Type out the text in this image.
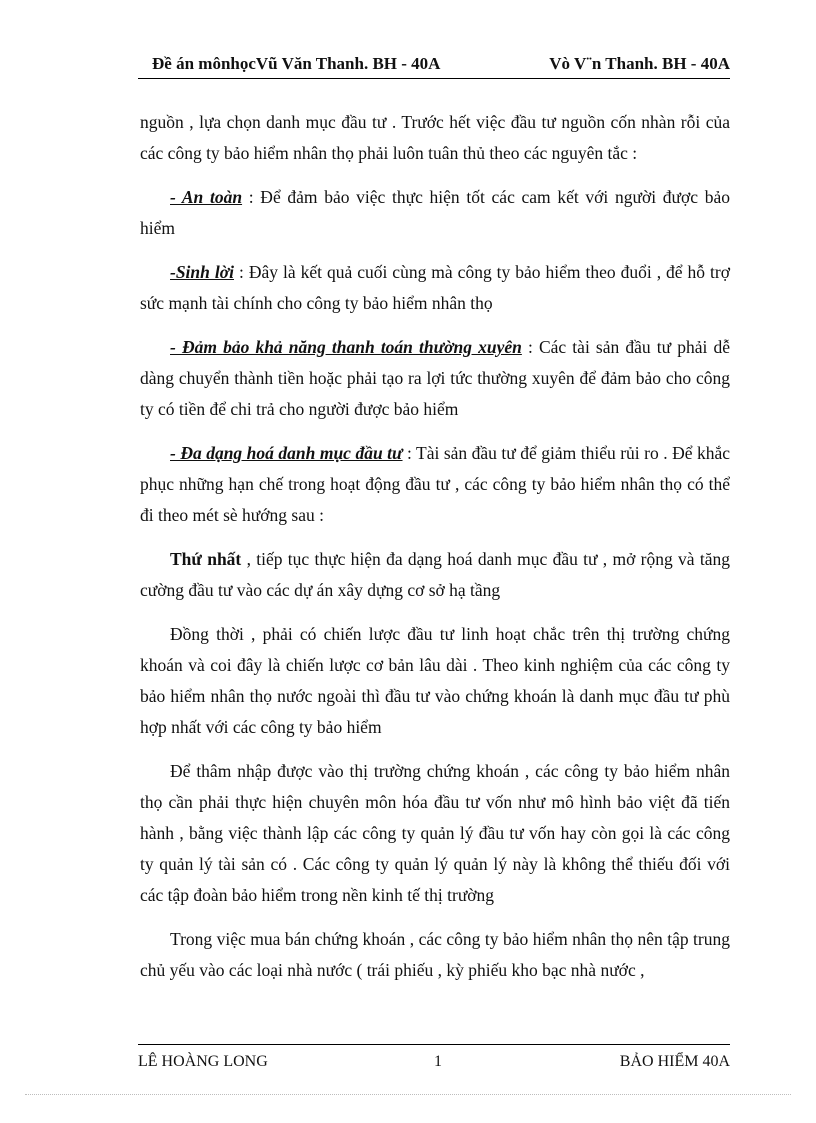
Đề án mônhọcVũ Văn Thanh. BH - 40A	Vò V¨n Thanh. BH - 40A

nguồn , lựa chọn danh mục đầu tư . Trước hết việc đầu tư nguồn cốn nhàn rỗi của các công ty bảo hiểm nhân thọ phải luôn tuân thủ theo các nguyên tắc :

- An toàn : Để đảm bảo việc thực hiện tốt các cam kết với người được bảo hiểm

-Sinh lời : Đây là kết quả cuối cùng mà công ty bảo hiểm theo đuổi , để hỗ trợ sức mạnh tài chính cho công ty bảo hiểm nhân thọ

- Đảm bảo khả năng thanh toán thường xuyên : Các tài sản đầu tư phải dễ dàng chuyển thành tiền hoặc phải tạo ra lợi tức thường xuyên để đảm bảo cho công ty có tiền để chi trả cho người được bảo hiểm

- Đa dạng hoá danh mục đầu tư : Tài sản đầu tư để giảm thiểu rủi ro . Để khắc phục những hạn chế trong hoạt động đầu tư , các công ty bảo hiểm nhân thọ có thể đi theo mét sè hướng sau :

Thứ nhất , tiếp tục thực hiện đa dạng hoá danh mục đầu tư , mở rộng và tăng cường đầu tư vào các dự án xây dựng cơ sở hạ tầng

Đồng thời , phải có chiến lược đầu tư linh hoạt chắc trên thị trường chứng khoán và coi đây là chiến lược cơ bản lâu dài . Theo kinh nghiệm của các công ty bảo hiểm nhân thọ nước ngoài thì đầu tư vào chứng khoán là danh mục đầu tư phù hợp nhất với các công ty bảo hiểm

Để thâm nhập được vào thị trường chứng khoán , các công ty bảo hiểm nhân thọ cần phải thực hiện chuyên môn hóa đầu tư vốn như mô hình bảo việt đã tiến hành , bằng việc thành lập các công ty quản lý đầu tư vốn hay còn gọi là các công ty quản lý tài sản có . Các công ty quản lý quản lý này là không thể thiếu đối với các tập đoàn bảo hiểm trong nền kinh tế thị trường

Trong việc mua bán chứng khoán , các công ty bảo hiểm nhân thọ nên tập trung chủ yếu vào các loại nhà nước ( trái phiếu , kỳ phiếu kho bạc nhà nước ,

LÊ HOÀNG LONG	1	BẢO HIỂM 40A
